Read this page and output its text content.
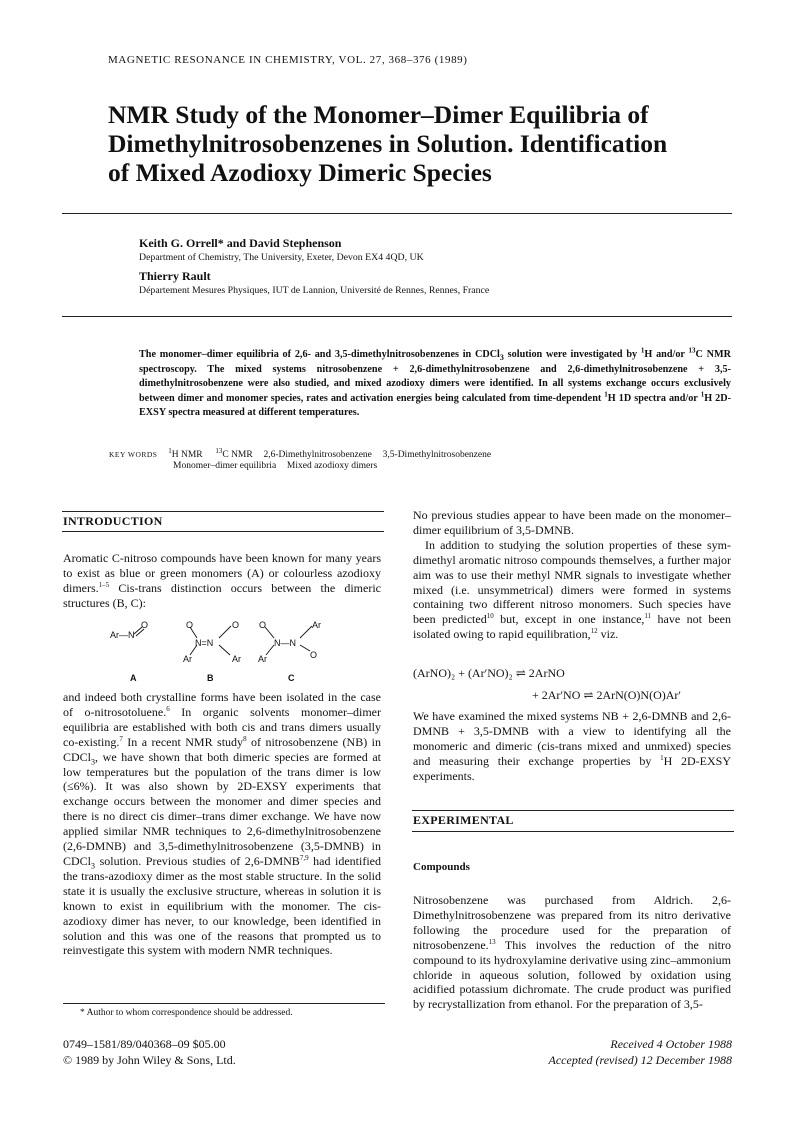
MAGNETIC RESONANCE IN CHEMISTRY, VOL. 27, 368–376 (1989)
NMR Study of the Monomer–Dimer Equilibria of
Dimethylnitrosobenzenes in Solution. Identification
of Mixed Azodioxy Dimeric Species
Keith G. Orrell* and David Stephenson
Department of Chemistry, The University, Exeter, Devon EX4 4QD, UK
Thierry Rault
Département Mesures Physiques, IUT de Lannion, Université de Rennes, Rennes, France
The monomer–dimer equilibria of 2,6- and 3,5-dimethylnitrosobenzenes in CDCl$_3$ solution were investigated by $^1$H and/or $^{13}$C NMR spectroscopy. The mixed systems nitrosobenzene + 2,6-dimethylnitrosobenzene and 2,6-dimethylnitrosobenzene + 3,5-dimethylnitrosobenzene were also studied, and mixed azodioxy dimers were identified. In all systems exchange occurs exclusively between dimer and monomer species, rates and activation energies being calculated from time-dependent $^1$H 1D spectra and/or $^1$H 2D-EXSY spectra measured at different temperatures.
KEY WORDS $^1$H NMR $^{13}$C NMR 2,6-Dimethylnitrosobenzene 3,5-Dimethylnitrosobenzene
Monomer–dimer equilibria Mixed azodioxy dimers
INTRODUCTION

Aromatic C-nitroso compounds have been known for many years to exist as blue or green monomers (A) or colourless azodioxy dimers.$^{1-5}$ Cis-trans distinction occurs between the dimeric structures (B, C):

Ar—N
O	O
N=N
O
Ar	Ar
O
N—N
Ar
Ar	O
A	B	C

and indeed both crystalline forms have been isolated in the case of o-nitrosotoluene.$^6$ In organic solvents monomer–dimer equilibria are established with both cis and trans dimers usually co-existing.$^7$ In a recent NMR study$^8$ of nitrosobenzene (NB) in CDCl$_3$, we have shown that both dimeric species are formed at low temperatures but the population of the trans dimer is low (≤6%). It was also shown by 2D-EXSY experiments that exchange occurs between the monomer and dimer species and there is no direct cis dimer–trans dimer exchange. We have now applied similar NMR techniques to 2,6-dimethylnitrosobenzene (2,6-DMNB) and 3,5-dimethylnitrosobenzene (3,5-DMNB) in CDCl$_3$ solution. Previous studies of 2,6-DMNB$^{7,9}$ had identified the trans-azodioxy dimer as the most stable structure. In the solid state it is usually the exclusive structure, whereas in solution it is known to exist in equilibrium with the monomer. The cis-azodioxy dimer has never, to our knowledge, been identified in solution and this was one of the reasons that prompted us to reinvestigate this system with modern NMR techniques.

* Author to whom correspondence should be addressed.

No previous studies appear to have been made on the monomer–dimer equilibrium of 3,5-DMNB.

In addition to studying the solution properties of these sym-dimethyl aromatic nitroso compounds themselves, a further major aim was to use their methyl NMR signals to investigate whether mixed (i.e. unsymmetrical) dimers were formed in systems containing two different nitroso monomers. Such species have been predicted$^{10}$ but, except in one instance,$^{11}$ have not been isolated owing to rapid equilibration,$^{12}$ viz.

(ArNO)₂ + (Ar′NO)₂ ⇌ 2ArNO
+ 2Ar′NO ⇌ 2ArN(O)N(O)Ar′

We have examined the mixed systems NB + 2,6-DMNB and 2,6-DMNB + 3,5-DMNB with a view to identifying all the monomeric and dimeric (cis-trans mixed and unmixed) species and measuring their exchange properties by $^1$H 2D-EXSY experiments.

EXPERIMENTAL
Compounds

Nitrosobenzene was purchased from Aldrich. 2,6-Dimethylnitrosobenzene was prepared from its nitro derivative following the procedure used for the preparation of nitrosobenzene.$^{13}$ This involves the reduction of the nitro compound to its hydroxylamine derivative using zinc–ammonium chloride in aqueous solution, followed by oxidation using acidified potassium dichromate. The crude product was purified by recrystallization from ethanol. For the preparation of 3,5-

0749–1581/89/040368–09 $05.00
© 1989 by John Wiley & Sons, Ltd.
Received 4 October 1988
Accepted (revised) 12 December 1988
